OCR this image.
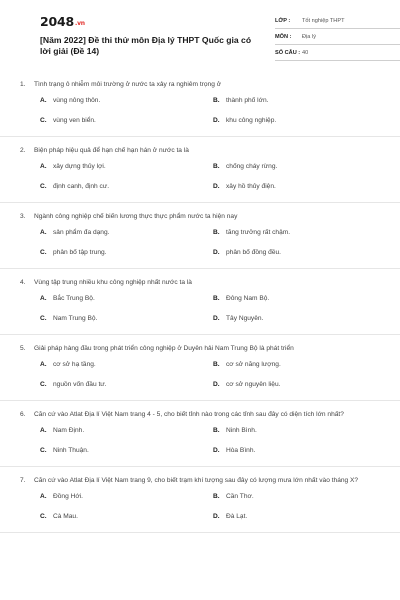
2048.vn
[Năm 2022] Đề thi thử môn Địa lý THPT Quốc gia có lời giải (Đề 14)
LỚP :	Tốt nghiệp THPT
MÔN :	Địa lý
SỐ CÂU : 40
1.	Tình trạng ô nhiễm môi trường ở nước ta xảy ra nghiêm trọng ở
A. vùng nông thôn.	B. thành phố lớn.
C. vùng ven biển.	D. khu công nghiệp.
2.	Biện pháp hiệu quả để hạn chế hạn hán ở nước ta là
A. xây dựng thủy lợi.	B. chống cháy rừng.
C. định canh, định cư.	D. xây hồ thủy điện.
3.	Ngành công nghiệp chế biến lương thực thực phẩm nước ta hiện nay
A. sản phẩm đa dạng.	B. tăng trưởng rất chậm.
C. phân bố tập trung.	D. phân bố đồng đều.
4.	Vùng tập trung nhiều khu công nghiệp nhất nước ta là
A. Bắc Trung Bộ.	B. Đông Nam Bộ.
C. Nam Trung Bộ.	D. Tây Nguyên.
5.	Giải pháp hàng đầu trong phát triển công nghiệp ở Duyên hải Nam Trung Bộ là phát triển
A. cơ sở hạ tầng.	B. cơ sở năng lượng.
C. nguồn vốn đầu tư.	D. cơ sở nguyên liệu.
6.	Căn cứ vào Atlat Địa lí Việt Nam trang 4 - 5, cho biết tỉnh nào trong các tỉnh sau đây có diện tích lớn nhất?
A. Nam Định.	B. Ninh Bình.
C. Ninh Thuận.	D. Hòa Bình.
7.	Căn cứ vào Atlat Địa lí Việt Nam trang 9, cho biết trạm khí tượng sau đây có lượng mưa lớn nhất vào tháng X?
A. Đồng Hới.	B. Cần Thơ.
C. Cà Mau.	D. Đà Lạt.
